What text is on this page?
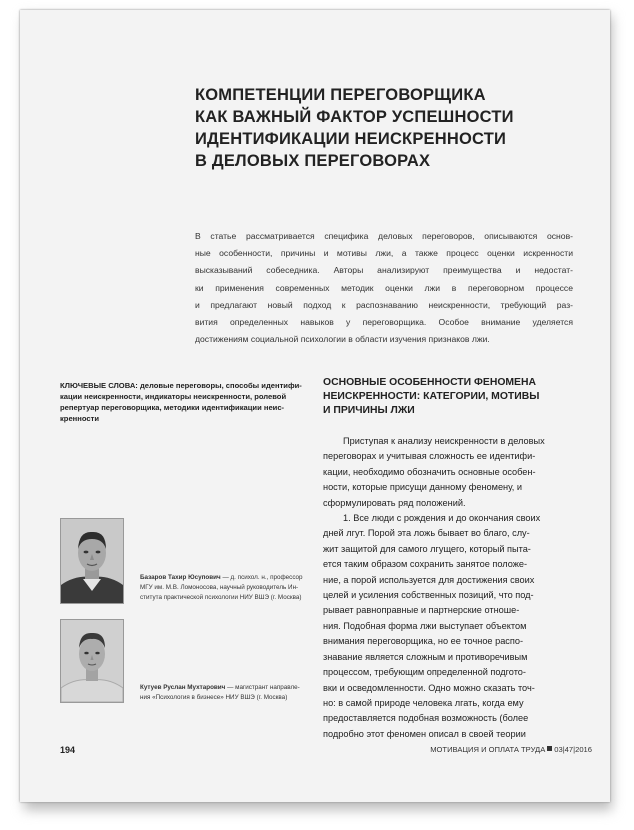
КОМПЕТЕНЦИИ ПЕРЕГОВОРЩИКА
КАК ВАЖНЫЙ ФАКТОР УСПЕШНОСТИ
ИДЕНТИФИКАЦИИ НЕИСКРЕННОСТИ
В ДЕЛОВЫХ ПЕРЕГОВОРАХ
В статье рассматривается специфика деловых переговоров, описываются основ-
ные особенности, причины и мотивы лжи, а также процесс оценки искренности
высказываний собеседника. Авторы анализируют преимущества и недостат-
ки применения современных методик оценки лжи в переговорном процессе
и предлагают новый подход к распознаванию неискренности, требующий раз-
вития определенных навыков у переговорщика. Особое внимание уделяется
достижениям социальной психологии в области изучения признаков лжи.
КЛЮЧЕВЫЕ СЛОВА: деловые переговоры, способы идентифи-
кации неискренности, индикаторы неискренности, ролевой
репертуар переговорщика, методики идентификации неис-
кренности
ОСНОВНЫЕ ОСОБЕННОСТИ ФЕНОМЕНА
НЕИСКРЕННОСТИ: КАТЕГОРИИ, МОТИВЫ
И ПРИЧИНЫ ЛЖИ
Приступая к анализу неискренности в деловых
переговорах и учитывая сложность ее идентифи-
кации, необходимо обозначить основные особен-
ности, которые присущи данному феномену, и
сформулировать ряд положений.
1. Все люди с рождения и до окончания своих
дней лгут. Порой эта ложь бывает во благо, слу-
жит защитой для самого лгущего, который пыта-
ется таким образом сохранить занятое положе-
ние, а порой используется для достижения своих
целей и усиления собственных позиций, что под-
рывает равноправные и партнерские отноше-
ния. Подобная форма лжи выступает объектом
внимания переговорщика, но ее точное распо-
знавание является сложным и противоречивым
процессом, требующим определенной подгото-
вки и осведомленности. Одно можно сказать точ-
но: в самой природе человека лгать, когда ему
предоставляется подобная возможность (более
подробно этот феномен описал в своей теории
Базаров Тахир Юсупович — д. психол. н., профессор
МГУ им. М.В. Ломоносова, научный руководитель Ин-
ститута практической психологии НИУ ВШЭ (г. Москва)
Кутуев Руслан Мухтарович — магистрант направле-
ния «Психология в бизнесе» НИУ ВШЭ (г. Москва)
194	МОТИВАЦИЯ И ОПЛАТА ТРУДА 03|47|2016
